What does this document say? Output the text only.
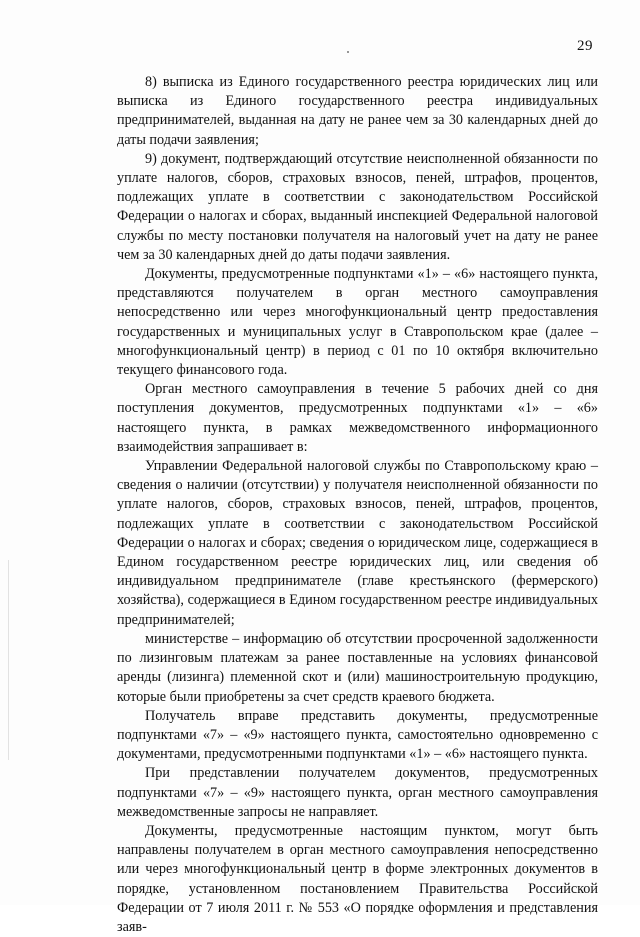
29

8) выписка из Единого государственного реестра юридических лиц или выписка из Единого государственного реестра индивидуальных предпринимателей, выданная на дату не ранее чем за 30 календарных дней до даты подачи заявления;

9) документ, подтверждающий отсутствие неисполненной обязанности по уплате налогов, сборов, страховых взносов, пеней, штрафов, процентов, подлежащих уплате в соответствии с законодательством Российской Федерации о налогах и сборах, выданный инспекцией Федеральной налоговой службы по месту постановки получателя на налоговый учет на дату не ранее чем за 30 календарных дней до даты подачи заявления.

Документы, предусмотренные подпунктами «1» – «6» настоящего пункта, представляются получателем в орган местного самоуправления непосредственно или через многофункциональный центр предоставления государственных и муниципальных услуг в Ставропольском крае (далее – многофункциональный центр) в период с 01 по 10 октября включительно текущего финансового года.

Орган местного самоуправления в течение 5 рабочих дней со дня поступления документов, предусмотренных подпунктами «1» – «6» настоящего пункта, в рамках межведомственного информационного взаимодействия запрашивает в:

Управлении Федеральной налоговой службы по Ставропольскому краю – сведения о наличии (отсутствии) у получателя неисполненной обязанности по уплате налогов, сборов, страховых взносов, пеней, штрафов, процентов, подлежащих уплате в соответствии с законодательством Российской Федерации о налогах и сборах; сведения о юридическом лице, содержащиеся в Едином государственном реестре юридических лиц, или сведения об индивидуальном предпринимателе (главе крестьянского (фермерского) хозяйства), содержащиеся в Едином государственном реестре индивидуальных предпринимателей;

министерстве – информацию об отсутствии просроченной задолженности по лизинговым платежам за ранее поставленные на условиях финансовой аренды (лизинга) племенной скот и (или) машиностроительную продукцию, которые были приобретены за счет средств краевого бюджета.

Получатель вправе представить документы, предусмотренные подпунктами «7» – «9» настоящего пункта, самостоятельно одновременно с документами, предусмотренными подпунктами «1» – «6» настоящего пункта.

При представлении получателем документов, предусмотренных подпунктами «7» – «9» настоящего пункта, орган местного самоуправления межведомственные запросы не направляет.

Документы, предусмотренные настоящим пунктом, могут быть направлены получателем в орган местного самоуправления непосредственно или через многофункциональный центр в форме электронных документов в порядке, установленном постановлением Правительства Российской Федерации от 7 июля 2011 г. № 553 «О порядке оформления и представления заяв-
